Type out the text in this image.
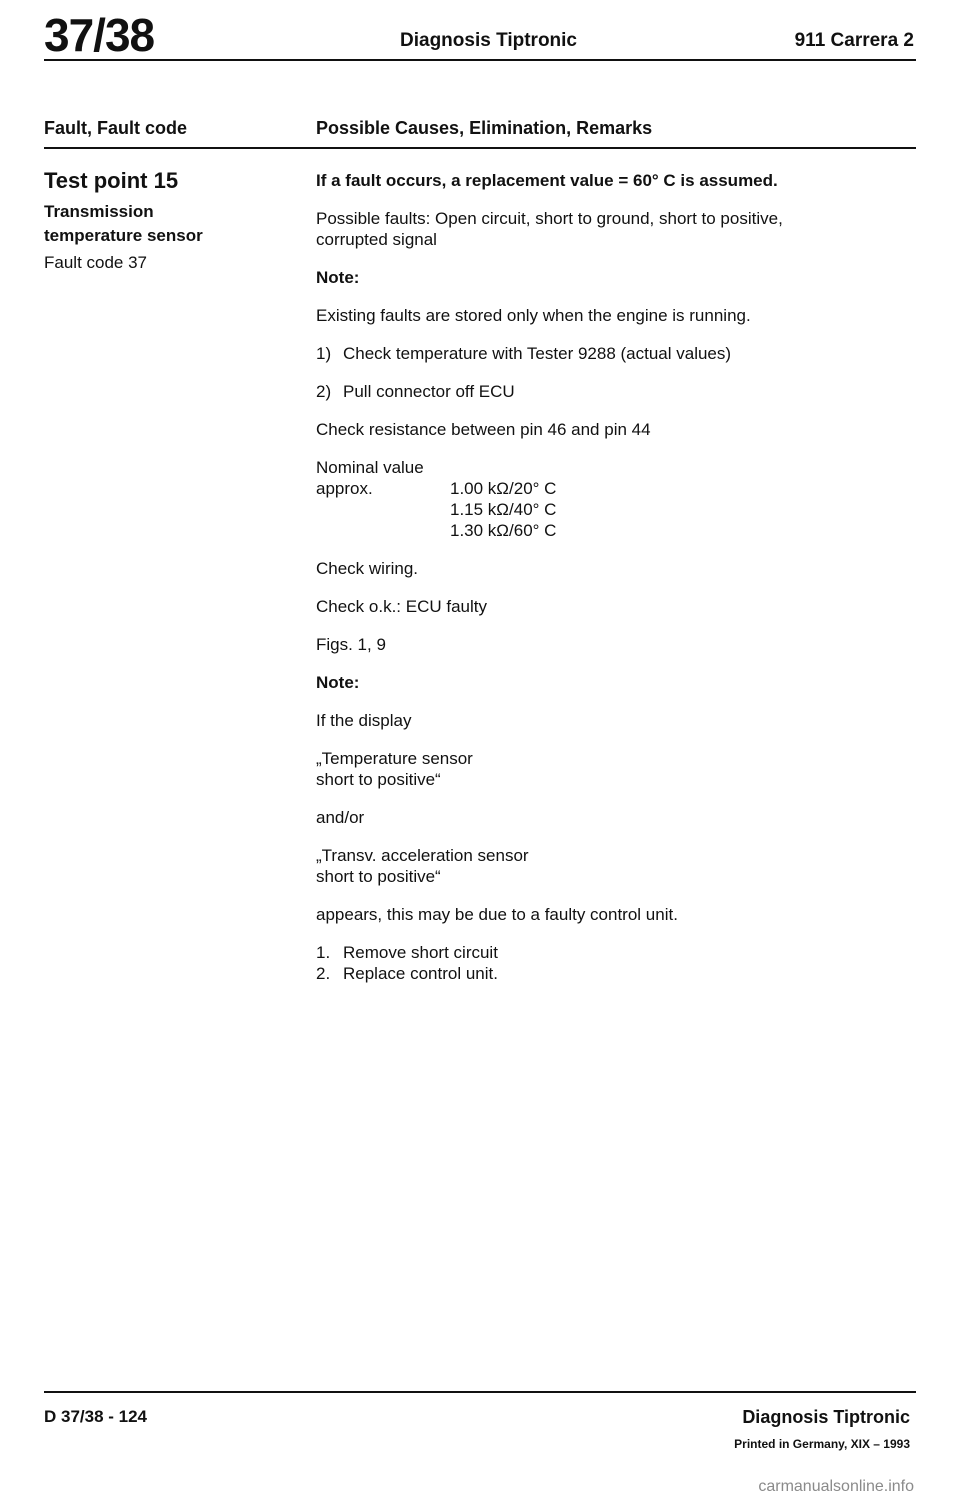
37/38	Diagnosis Tiptronic	911 Carrera 2
Fault, Fault code	Possible Causes, Elimination, Remarks
Test point 15
Transmission
temperature sensor
Fault code 37

If a fault occurs, a replacement value = 60° C is assumed.

Possible faults: Open circuit, short to ground, short to positive,
corrupted signal

Note:

Existing faults are stored only when the engine is running.

1) Check temperature with Tester 9288 (actual values)

2) Pull connector off ECU

Check resistance between pin 46 and pin 44

Nominal value
approx.	1.00 kΩ/20° C
1.15 kΩ/40° C
1.30 kΩ/60° C

Check wiring.

Check o.k.: ECU faulty

Figs. 1, 9

Note:

If the display

„Temperature sensor
short to positive“

and/or

„Transv. acceleration sensor
short to positive“

appears, this may be due to a faulty control unit.

1. Remove short circuit
2. Replace control unit.
D 37/38 - 124	Diagnosis Tiptronic
Printed in Germany, XIX – 1993
carmanualsonline.info
